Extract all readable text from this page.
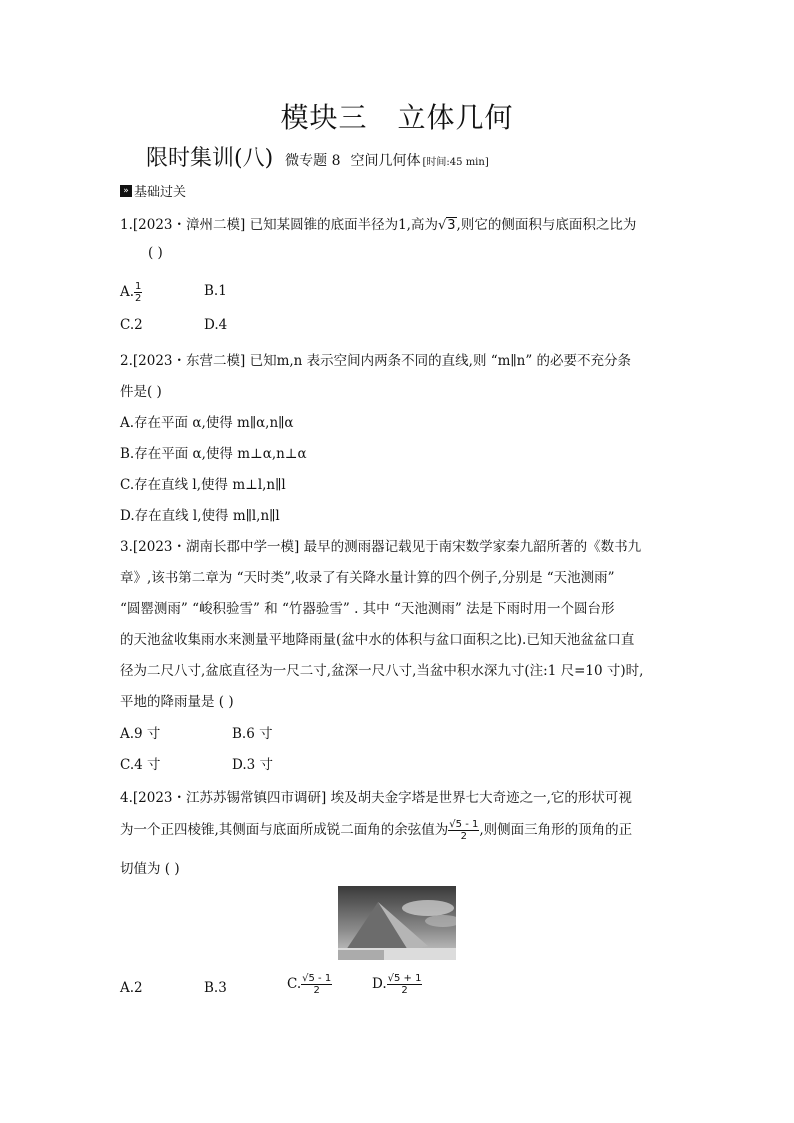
模块三 立体几何
限时集训(八) 微专题 8 空间几何体 [时间:45 min]
» 基础过关
1.[2023・漳州二模] 已知某圆锥的底面半径为1,高为√3,则它的侧面积与底面积之比为
( )
A. $\frac{1}{2}$	B.1
C.2	D.4
2.[2023・东营二模] 已知m,n 表示空间内两条不同的直线,则 “m∥n” 的必要不充分条
件是( )
A.存在平面 α,使得 m∥α,n∥α
B.存在平面 α,使得 m⊥α,n⊥α
C.存在直线 l,使得 m⊥l,n∥l
D.存在直线 l,使得 m∥l,n∥l
3.[2023・湖南长郡中学一模] 最早的测雨器记载见于南宋数学家秦九韶所著的《数书九
章》,该书第二章为 “天时类”,收录了有关降水量计算的四个例子,分别是 “天池测雨”
“圆罂测雨” “峻积验雪” 和 “竹器验雪” . 其中 “天池测雨” 法是下雨时用一个圆台形
的天池盆收集雨水来测量平地降雨量(盆中水的体积与盆口面积之比).已知天池盆盆口直
径为二尺八寸,盆底直径为一尺二寸,盆深一尺八寸,当盆中积水深九寸(注:1 尺=10 寸)时,
平地的降雨量是 ( )
A.9 寸	B.6 寸
C.4 寸	D.3 寸
4.[2023・江苏苏锡常镇四市调研] 埃及胡夫金字塔是世界七大奇迹之一,它的形状可视
为一个正四棱锥,其侧面与底面所成锐二面角的余弦值为 $\frac{√5 - 1}{2}$ ,则侧面三角形的顶角的正
切值为 ( )
A.2	B.3	C. $\frac{√5 - 1}{2}$	D. $\frac{√5 + 1}{2}$
